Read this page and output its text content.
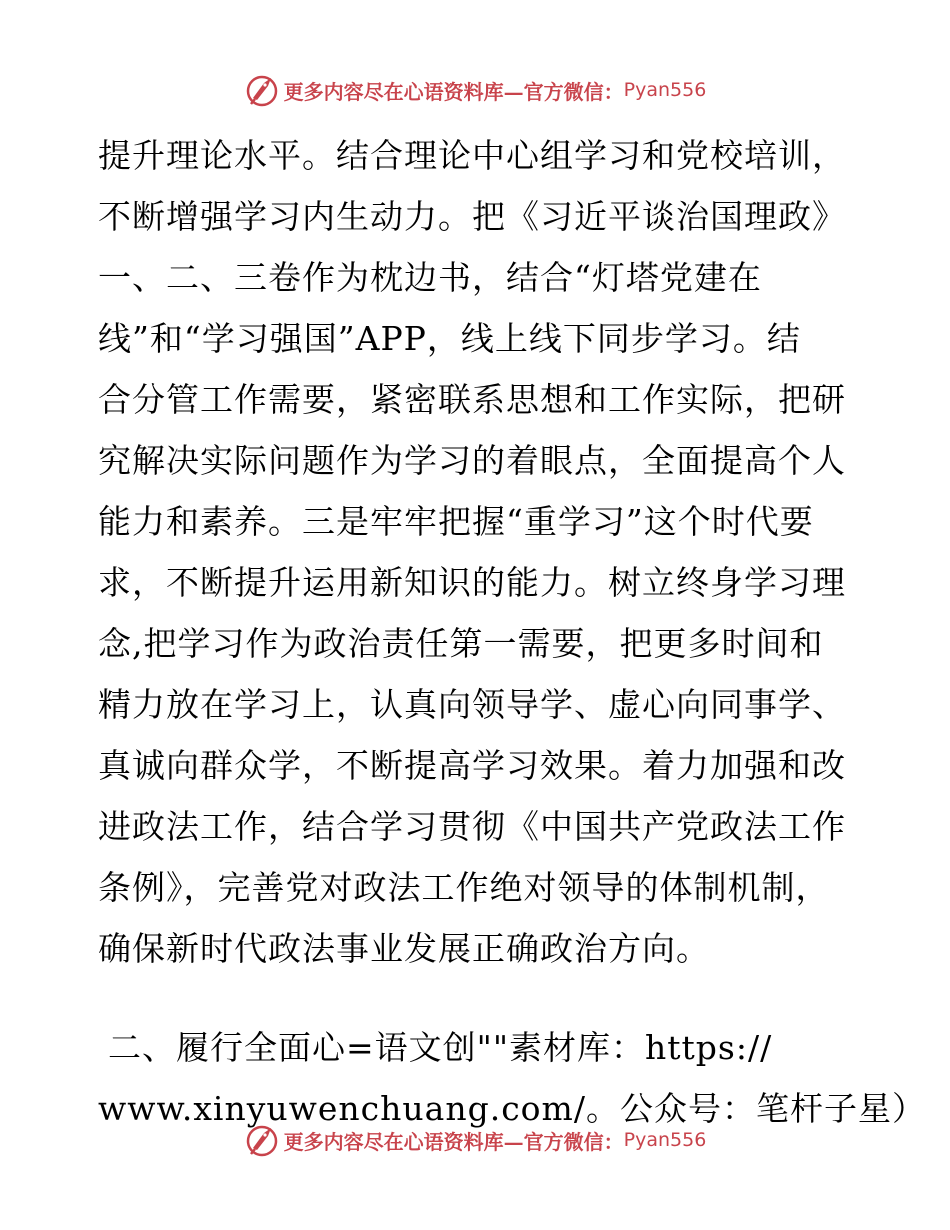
更多内容尽在心语资料库—官方微信： Pyan556
提升理论水平。结合理论中心组学习和党校培训，
不断增强学习内生动力。把《习近平谈治国理政》
一、二、三卷作为枕边书，结合“灯塔党建在
线”和“学习强国”APP，线上线下同步学习。结
合分管工作需要，紧密联系思想和工作实际，把研
究解决实际问题作为学习的着眼点，全面提高个人
能力和素养。三是牢牢把握“重学习”这个时代要
求，不断提升运用新知识的能力。树立终身学习理
念,把学习作为政治责任第一需要，把更多时间和
精力放在学习上，认真向领导学、虚心向同事学、
真诚向群众学，不断提高学习效果。着力加强和改
进政法工作，结合学习贯彻《中国共产党政法工作
条例》，完善党对政法工作绝对领导的体制机制，
确保新时代政法事业发展正确政治方向。
二、履行全面心=语文创""素材库：https://
www.xinyuwenchuang.com/。公众号：笔杆子星）
更多内容尽在心语资料库—官方微信： Pyan556
